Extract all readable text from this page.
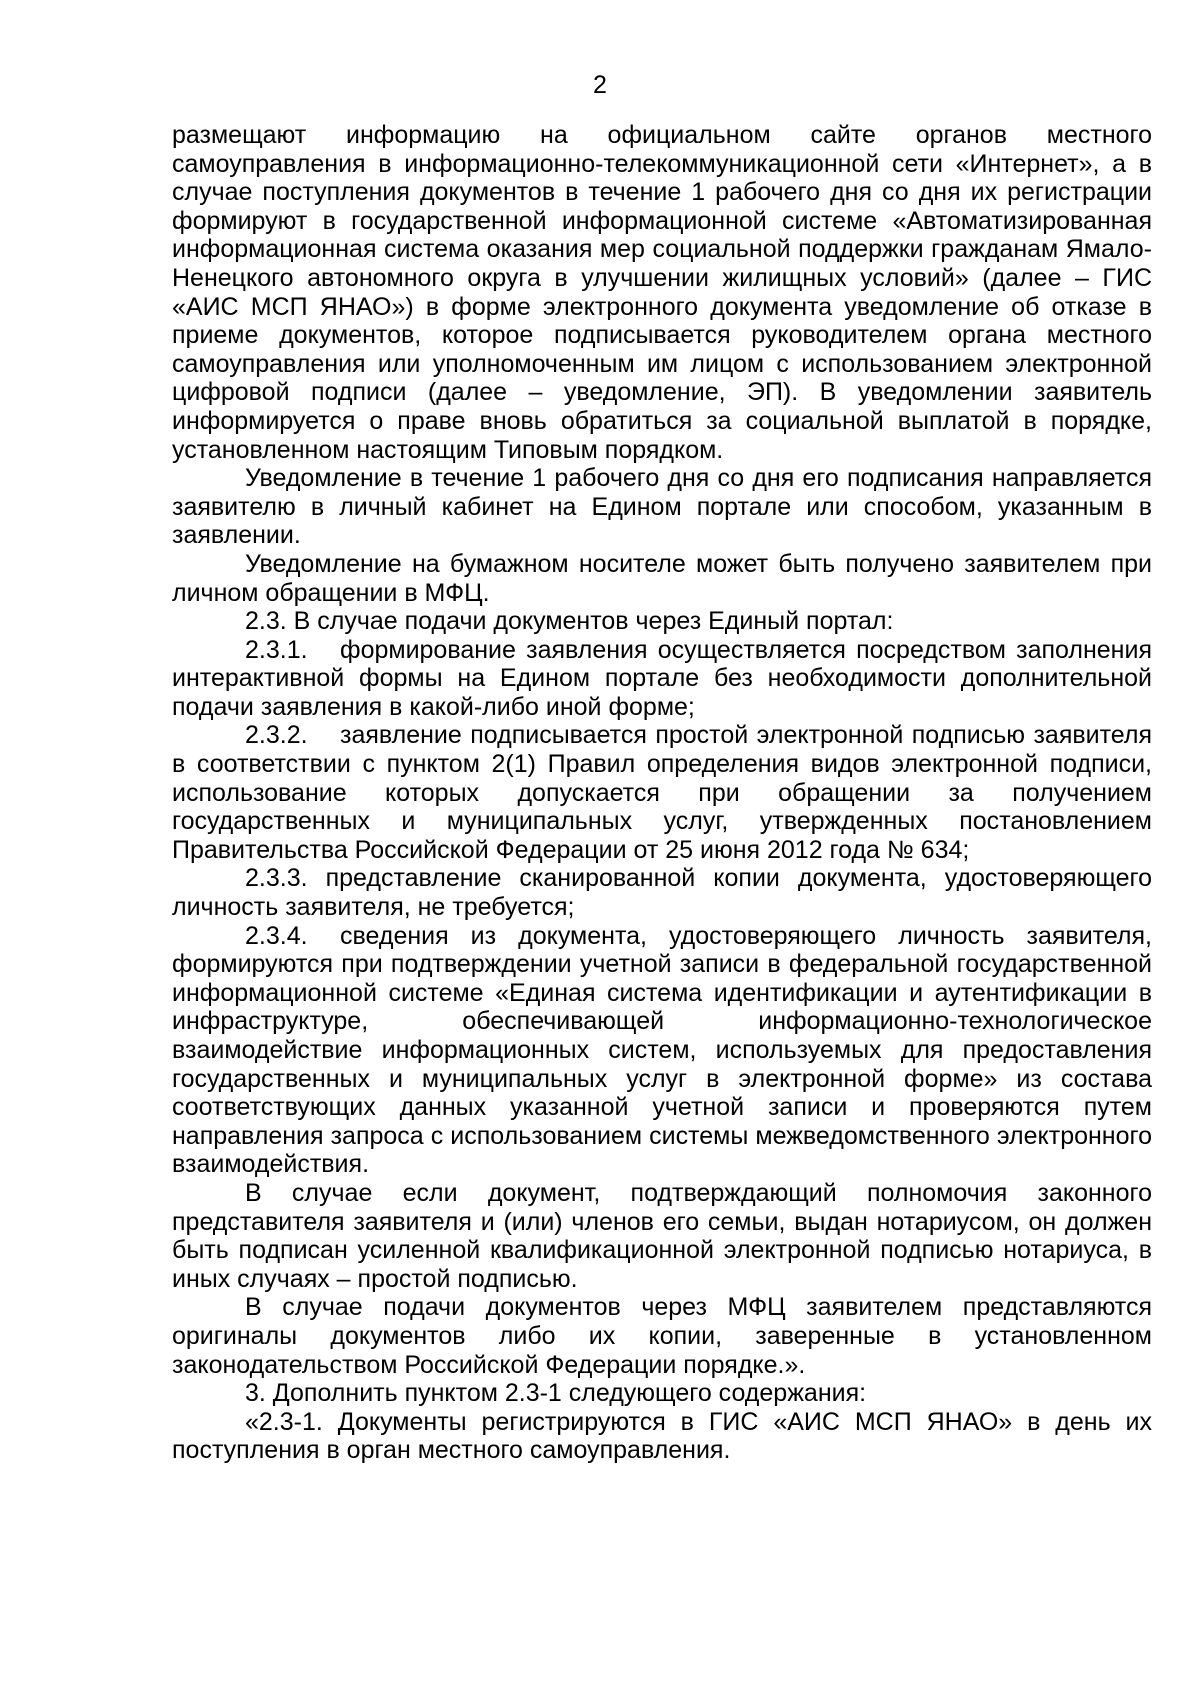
2

размещают информацию на официальном сайте органов местного самоуправления в информационно-телекоммуникационной сети «Интернет», а в случае поступления документов в течение 1 рабочего дня со дня их регистрации формируют в государственной информационной системе «Автоматизированная информационная система оказания мер социальной поддержки гражданам Ямало-Ненецкого автономного округа в улучшении жилищных условий» (далее – ГИС «АИС МСП ЯНАО») в форме электронного документа уведомление об отказе в приеме документов, которое подписывается руководителем органа местного самоуправления или уполномоченным им лицом с использованием электронной цифровой подписи (далее – уведомление, ЭП). В уведомлении заявитель информируется о праве вновь обратиться за социальной выплатой в порядке, установленном настоящим Типовым порядком.

Уведомление в течение 1 рабочего дня со дня его подписания направляется заявителю в личный кабинет на Едином портале или способом, указанным в заявлении.

Уведомление на бумажном носителе может быть получено заявителем при личном обращении в МФЦ.

2.3. В случае подачи документов через Единый портал:

2.3.1. формирование заявления осуществляется посредством заполнения интерактивной формы на Едином портале без необходимости дополнительной подачи заявления в какой-либо иной форме;

2.3.2. заявление подписывается простой электронной подписью заявителя в соответствии с пунктом 2(1) Правил определения видов электронной подписи, использование которых допускается при обращении за получением государственных и муниципальных услуг, утвержденных постановлением Правительства Российской Федерации от 25 июня 2012 года № 634;

2.3.3. представление сканированной копии документа, удостоверяющего личность заявителя, не требуется;

2.3.4. сведения из документа, удостоверяющего личность заявителя, формируются при подтверждении учетной записи в федеральной государственной информационной системе «Единая система идентификации и аутентификации в инфраструктуре, обеспечивающей информационно-технологическое взаимодействие информационных систем, используемых для предоставления государственных и муниципальных услуг в электронной форме» из состава соответствующих данных указанной учетной записи и проверяются путем направления запроса с использованием системы межведомственного электронного взаимодействия.

В случае если документ, подтверждающий полномочия законного представителя заявителя и (или) членов его семьи, выдан нотариусом, он должен быть подписан усиленной квалификационной электронной подписью нотариуса, в иных случаях – простой подписью.

В случае подачи документов через МФЦ заявителем представляются оригиналы документов либо их копии, заверенные в установленном законодательством Российской Федерации порядке.».

3. Дополнить пунктом 2.3-1 следующего содержания:

«2.3-1. Документы регистрируются в ГИС «АИС МСП ЯНАО» в день их поступления в орган местного самоуправления.
